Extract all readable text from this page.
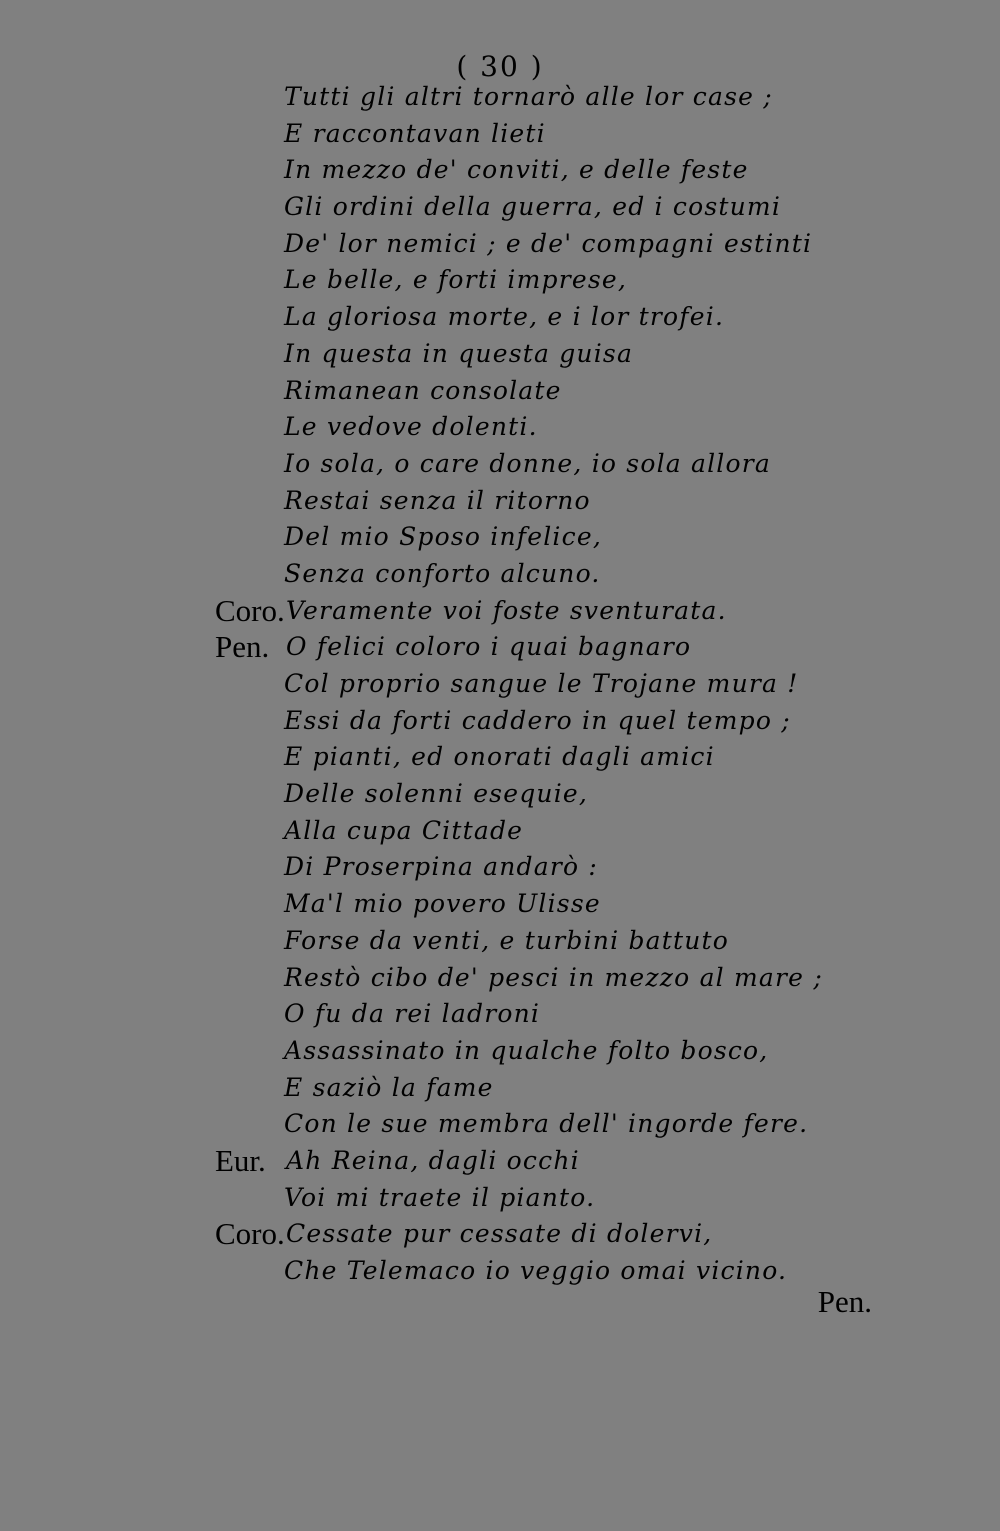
( 30 )
Tutti gli altri tornarò alle lor case ;
E raccontavan lieti
In mezzo de' conviti, e delle feste
Gli ordini della guerra, ed i costumi
De' lor nemici ; e de' compagni estinti
Le belle, e forti imprese,
La gloriosa morte, e i lor trofei.
In questa in questa guisa
Rimanean consolate
Le vedove dolenti.
Io sola, o care donne, io sola allora
Restai senza il ritorno
Del mio Sposo infelice,
Senza conforto alcuno.
Coro. Veramente voi foste sventurata.
Pen. O felici coloro i quai bagnaro
Col proprio sangue le Trojane mura !
Essi da forti caddero in quel tempo ;
E pianti, ed onorati dagli amici
Delle solenni esequie,
Alla cupa Cittade
Di Proserpina andarò :
Ma'l mio povero Ulisse
Forse da venti, e turbini battuto
Restò cibo de' pesci in mezzo al mare ;
O fu da rei ladroni
Assassinato in qualche folto bosco,
E saziò la fame
Con le sue membra dell' ingorde fere.
Eur. Ah Reina, dagli occhi
Voi mi traete il pianto.
Coro. Cessate pur cessate di dolervi,
Che Telemaco io veggio omai vicino.
Pen.
